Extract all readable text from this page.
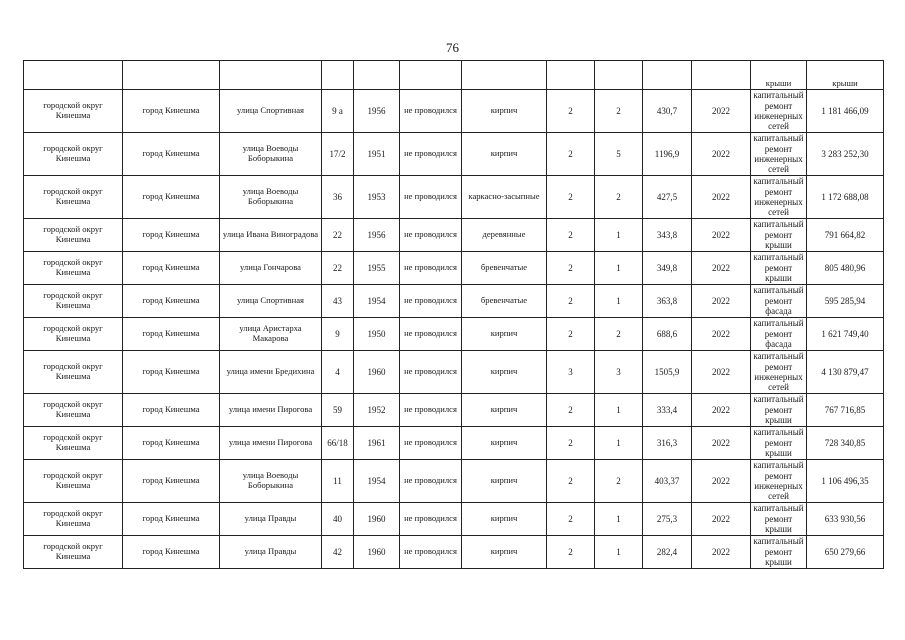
76
											крыши	крыши
городской округ Кинешма	город Кинешма	улица Спортивная	9 а	1956	не проводился	кирпич	2	2	430,7	2022	капитальный ремонт инженерных сетей	1 181 466,09
городской округ Кинешма	город Кинешма	улица Воеводы Боборыкина	17/2	1951	не проводился	кирпич	2	5	1196,9	2022	капитальный ремонт инженерных сетей	3 283 252,30
городской округ Кинешма	город Кинешма	улица Воеводы Боборыкина	36	1953	не проводился	каркасно-засыпные	2	2	427,5	2022	капитальный ремонт инженерных сетей	1 172 688,08
городской округ Кинешма	город Кинешма	улица Ивана Виноградова	22	1956	не проводился	деревянные	2	1	343,8	2022	капитальный ремонт крыши	791 664,82
городской округ Кинешма	город Кинешма	улица Гончарова	22	1955	не проводился	бревенчатые	2	1	349,8	2022	капитальный ремонт крыши	805 480,96
городской округ Кинешма	город Кинешма	улица Спортивная	43	1954	не проводился	бревенчатые	2	1	363,8	2022	капитальный ремонт фасада	595 285,94
городской округ Кинешма	город Кинешма	улица Аристарха Макарова	9	1950	не проводился	кирпич	2	2	688,6	2022	капитальный ремонт фасада	1 621 749,40
городской округ Кинешма	город Кинешма	улица имени Бредихина	4	1960	не проводился	кирпич	3	3	1505,9	2022	капитальный ремонт инженерных сетей	4 130 879,47
городской округ Кинешма	город Кинешма	улица имени Пирогова	59	1952	не проводился	кирпич	2	1	333,4	2022	капитальный ремонт крыши	767 716,85
городской округ Кинешма	город Кинешма	улица имени Пирогова	66/18	1961	не проводился	кирпич	2	1	316,3	2022	капитальный ремонт крыши	728 340,85
городской округ Кинешма	город Кинешма	улица Воеводы Боборыкина	11	1954	не проводился	кирпич	2	2	403,37	2022	капитальный ремонт инженерных сетей	1 106 496,35
городской округ Кинешма	город Кинешма	улица Правды	40	1960	не проводился	кирпич	2	1	275,3	2022	капитальный ремонт крыши	633 930,56
городской округ Кинешма	город Кинешма	улица Правды	42	1960	не проводился	кирпич	2	1	282,4	2022	капитальный ремонт крыши	650 279,66
